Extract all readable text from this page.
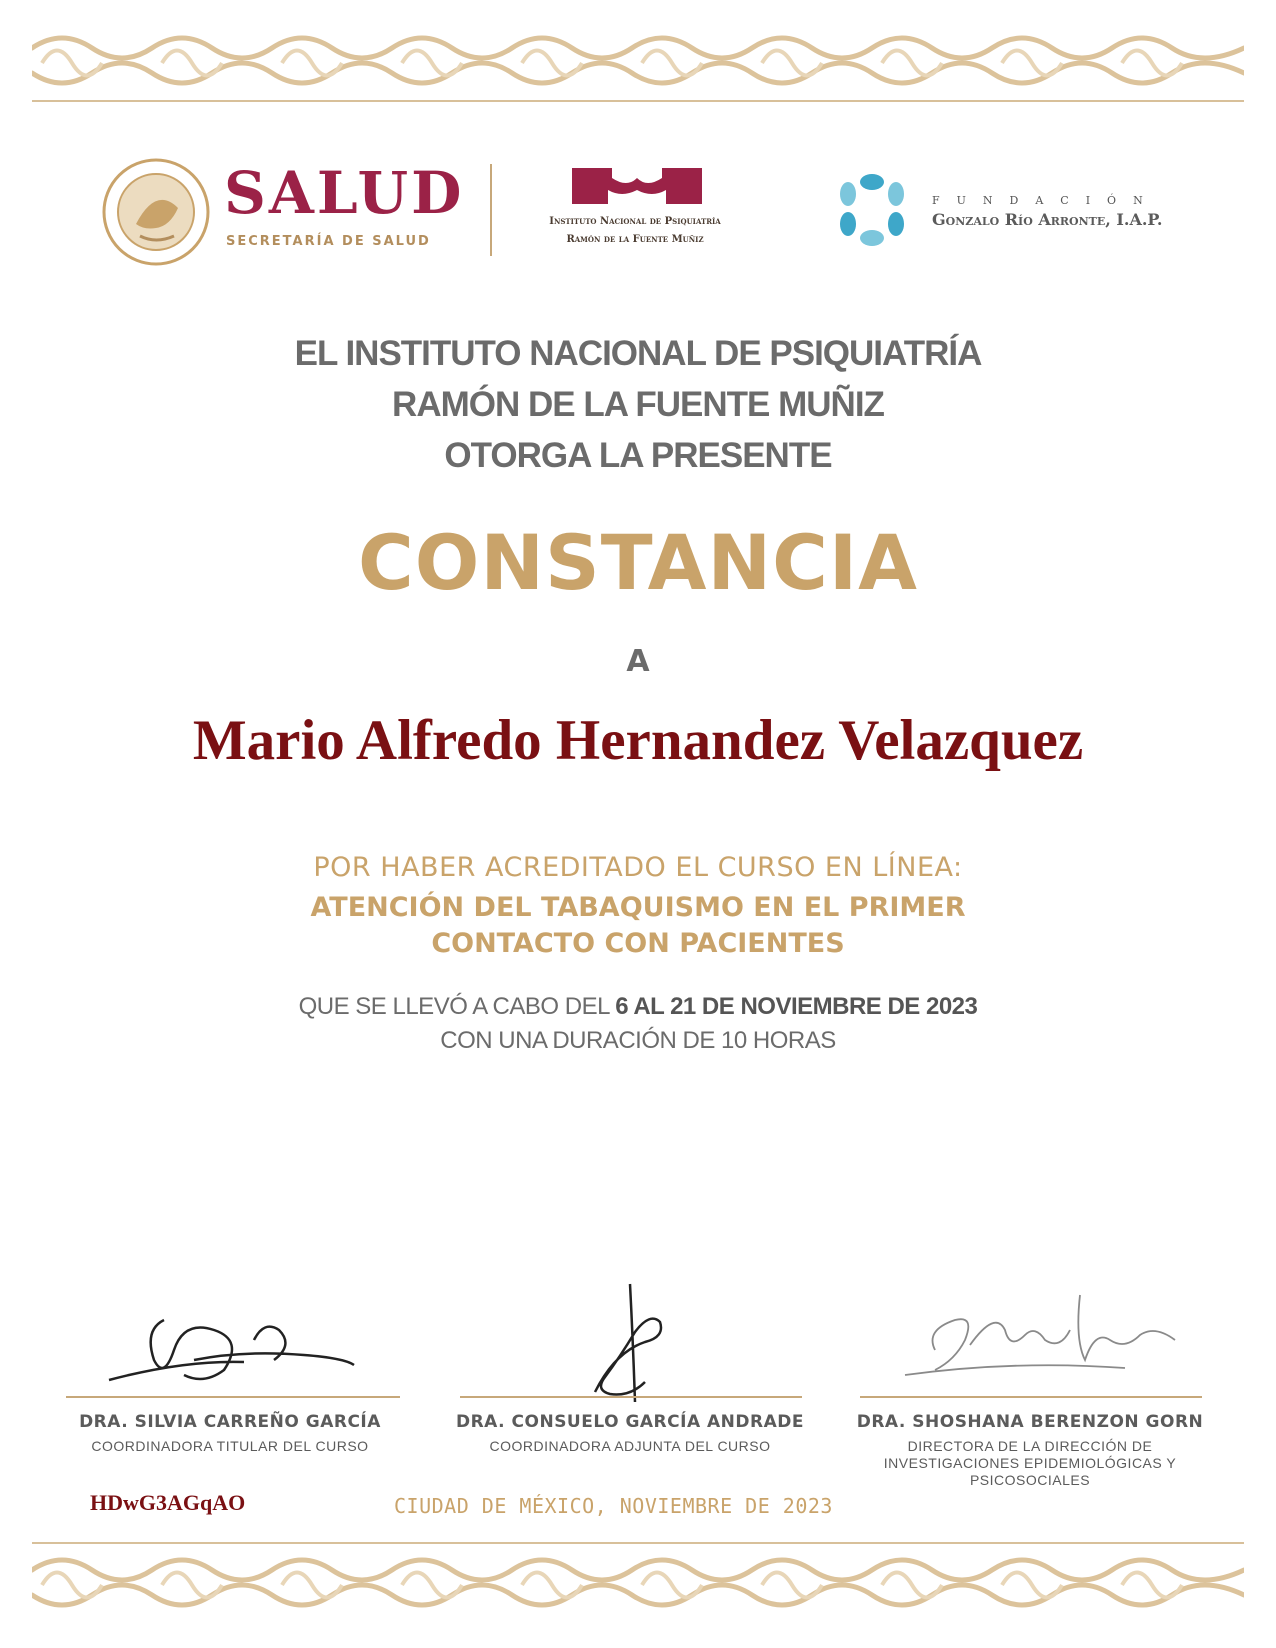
SALUD
SECRETARÍA DE SALUD
Instituto Nacional de Psiquiatría
Ramón de la Fuente Muñiz
FUNDACIÓN
Gonzalo Río Arronte, I.A.P.
EL INSTITUTO NACIONAL DE PSIQUIATRÍA
RAMÓN DE LA FUENTE MUÑIZ
OTORGA LA PRESENTE
CONSTANCIA
A
Mario Alfredo Hernandez Velazquez
POR HABER ACREDITADO EL CURSO EN LÍNEA:
ATENCIÓN DEL TABAQUISMO EN EL PRIMER
CONTACTO CON PACIENTES
QUE SE LLEVÓ A CABO DEL 6 AL 21 DE NOVIEMBRE DE 2023
CON UNA DURACIÓN DE 10 HORAS
DRA. SILVIA CARREÑO GARCÍA
COORDINADORA TITULAR DEL CURSO
DRA. CONSUELO GARCÍA ANDRADE
COORDINADORA ADJUNTA DEL CURSO
DRA. SHOSHANA BERENZON GORN
DIRECTORA DE LA DIRECCIÓN DE
INVESTIGACIONES EPIDEMIOLÓGICAS Y
PSICOSOCIALES
HDwG3AGqAO	CIUDAD DE MÉXICO, NOVIEMBRE DE 2023
